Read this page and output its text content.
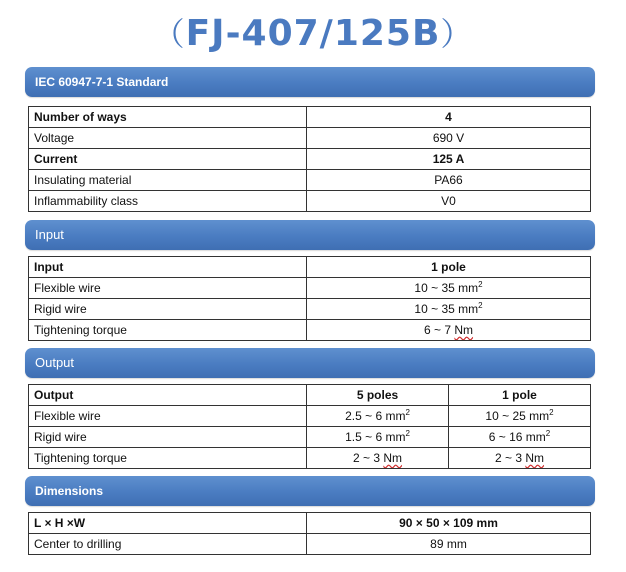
（FJ-407/125B）
IEC 60947-7-1 Standard
Number of ways	4
Voltage	690 V
Current	125 A
Insulating material	PA66
Inflammability class	V0
Input
Input	1 pole
Flexible wire	10 ~ 35 $mm^2$
Rigid wire	10 ~ 35 $mm^2$
Tightening torque	6 ~ 7 Nm
Output
Output	5 poles	1 pole
Flexible wire	2.5 ~ 6 $mm^2$	10 ~ 25 $mm^2$
Rigid wire	1.5 ~ 6 $mm^2$	6 ~ 16 $mm^2$
Tightening torque	2 ~ 3 Nm	2 ~ 3 Nm
Dimensions
L × H ×W	90 × 50 × 109 mm
Center to drilling	89 mm
